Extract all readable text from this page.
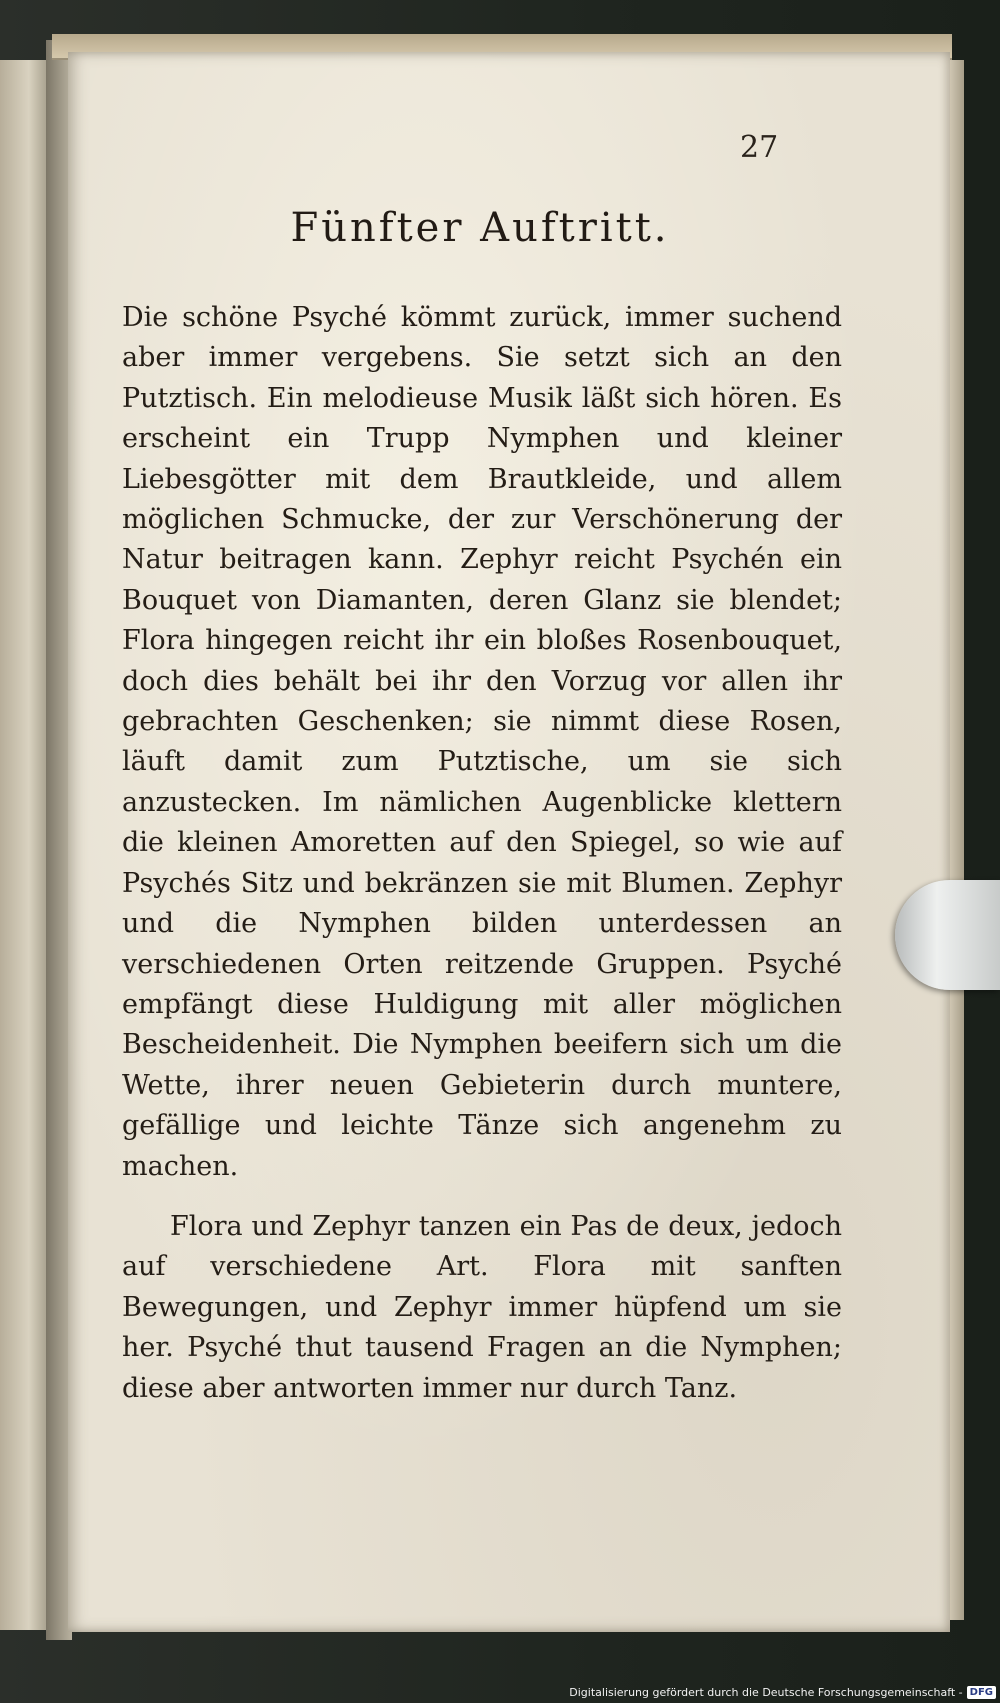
27
Fünfter Auftritt.

Die schöne Psyché kömmt zurück, immer suchend aber immer vergebens. Sie setzt sich an den Putztisch. Ein melodieuse Musik läßt sich hören. Es erscheint ein Trupp Nymphen und kleiner Liebesgötter mit dem Brautkleide, und allem möglichen Schmucke, der zur Verschönerung der Natur beitragen kann. Zephyr reicht Psychén ein Bouquet von Diamanten, deren Glanz sie blendet; Flora hingegen reicht ihr ein bloßes Rosenbouquet, doch dies behält bei ihr den Vorzug vor allen ihr gebrachten Geschenken; sie nimmt diese Rosen, läuft damit zum Putztische, um sie sich anzustecken. Im nämlichen Augenblicke klettern die kleinen Amoretten auf den Spiegel, so wie auf Psychés Sitz und bekränzen sie mit Blumen. Zephyr und die Nymphen bilden unterdessen an verschiedenen Orten reitzende Gruppen. Psyché empfängt diese Huldigung mit aller möglichen Bescheidenheit. Die Nymphen beeifern sich um die Wette, ihrer neuen Gebieterin durch muntere, gefällige und leichte Tänze sich angenehm zu machen.

Flora und Zephyr tanzen ein Pas de deux, jedoch auf verschiedene Art. Flora mit sanften Bewegungen, und Zephyr immer hüpfend um sie her. Psyché thut tausend Fragen an die Nymphen; diese aber antworten immer nur durch Tanz.

Digitalisierung gefördert durch die Deutsche Forschungsgemeinschaft - DFG
